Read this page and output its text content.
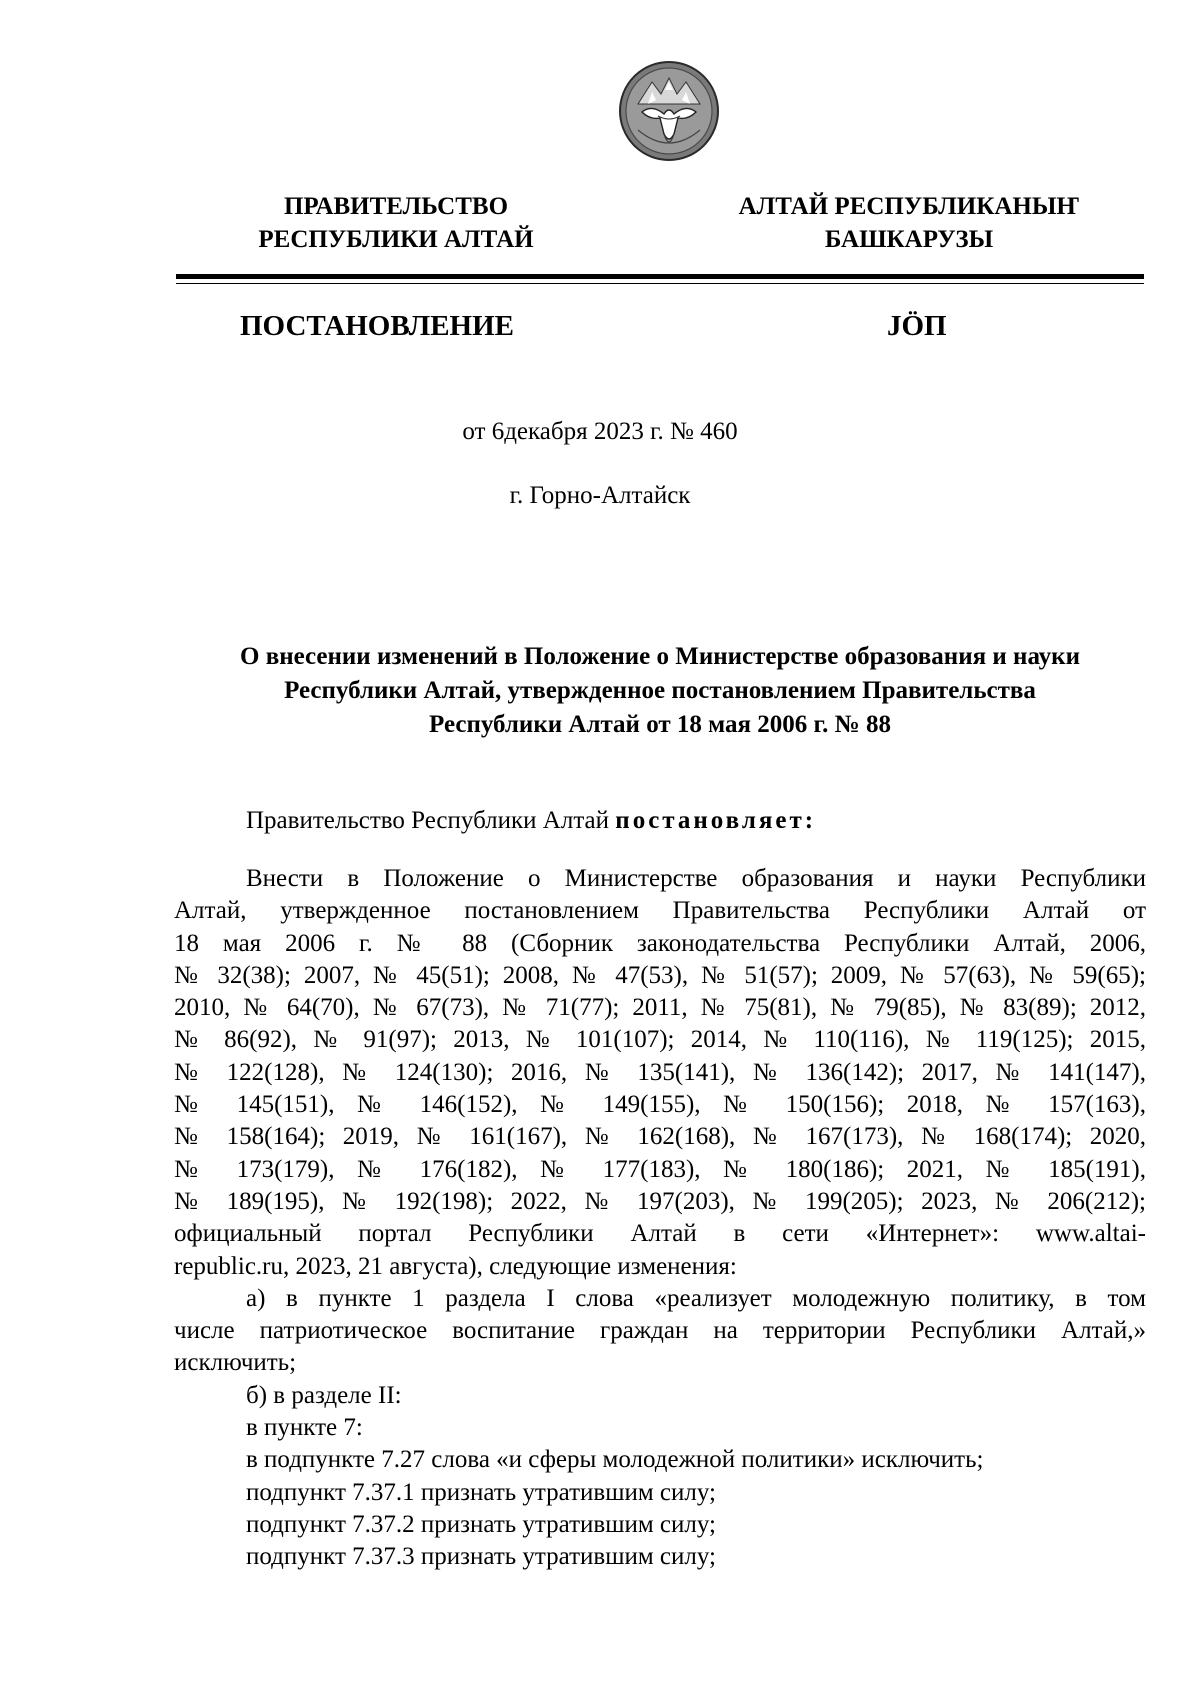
ПРАВИТЕЛЬСТВО
РЕСПУБЛИКИ АЛТАЙ
АЛТАЙ РЕСПУБЛИКАНЫҤ
БАШКАРУЗЫ
ПОСТАНОВЛЕНИЕ	JӦП
от 6декабря 2023 г. № 460
г. Горно-Алтайск
О внесении изменений в Положение о Министерстве образования и науки
Республики Алтай, утвержденное постановлением Правительства
Республики Алтай от 18 мая 2006 г. № 88
Правительство Республики Алтай постановляет:
Внести в Положение о Министерстве образования и науки Республики
Алтай, утвержденное постановлением Правительства Республики Алтай от
18 мая 2006 г. № 88 (Сборник законодательства Республики Алтай, 2006,
№ 32(38); 2007, № 45(51); 2008, № 47(53), № 51(57); 2009, № 57(63), № 59(65);
2010, № 64(70), № 67(73), № 71(77); 2011, № 75(81), № 79(85), № 83(89); 2012,
№ 86(92), № 91(97); 2013, № 101(107); 2014, № 110(116), № 119(125); 2015,
№ 122(128), № 124(130); 2016, № 135(141), № 136(142); 2017, № 141(147),
№ 145(151), № 146(152), № 149(155), № 150(156); 2018, № 157(163),
№ 158(164); 2019, № 161(167), № 162(168), № 167(173), № 168(174); 2020,
№ 173(179), № 176(182), № 177(183), № 180(186); 2021, № 185(191),
№ 189(195), № 192(198); 2022, № 197(203), № 199(205); 2023, № 206(212);
официальный портал Республики Алтай в сети «Интернет»: www.altai-
republic.ru, 2023, 21 августа), следующие изменения:
а) в пункте 1 раздела I слова «реализует молодежную политику, в том
числе патриотическое воспитание граждан на территории Республики Алтай,»
исключить;
б) в разделе II:
в пункте 7:
в подпункте 7.27 слова «и сферы молодежной политики» исключить;
подпункт 7.37.1 признать утратившим силу;
подпункт 7.37.2 признать утратившим силу;
подпункт 7.37.3 признать утратившим силу;
